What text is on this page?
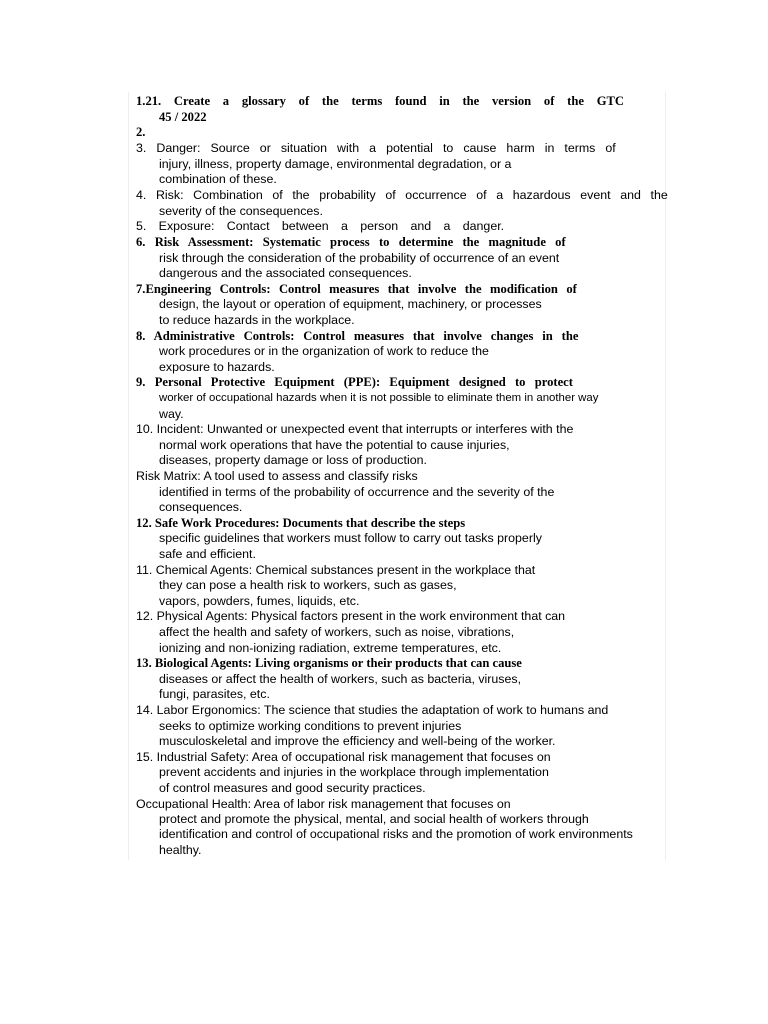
1.21. Create a glossary of the terms found in the version of the GTC
45 / 2022
2.
3. Danger: Source or situation with a potential to cause harm in terms of
injury, illness, property damage, environmental degradation, or a
combination of these.
4. Risk: Combination of the probability of occurrence of a hazardous event and the
severity of the consequences.
5. Exposure: Contact between a person and a danger.
6. Risk Assessment: Systematic process to determine the magnitude of
risk through the consideration of the probability of occurrence of an event
dangerous and the associated consequences.
7.Engineering Controls: Control measures that involve the modification of
design, the layout or operation of equipment, machinery, or processes
to reduce hazards in the workplace.
8. Administrative Controls: Control measures that involve changes in the
work procedures or in the organization of work to reduce the
exposure to hazards.
9. Personal Protective Equipment (PPE): Equipment designed to protect
worker of occupational hazards when it is not possible to eliminate them in another way
way.
10. Incident: Unwanted or unexpected event that interrupts or interferes with the
normal work operations that have the potential to cause injuries,
diseases, property damage or loss of production.
Risk Matrix: A tool used to assess and classify risks
identified in terms of the probability of occurrence and the severity of the
consequences.
12. Safe Work Procedures: Documents that describe the steps
specific guidelines that workers must follow to carry out tasks properly
safe and efficient.
11. Chemical Agents: Chemical substances present in the workplace that
they can pose a health risk to workers, such as gases,
vapors, powders, fumes, liquids, etc.
12. Physical Agents: Physical factors present in the work environment that can
affect the health and safety of workers, such as noise, vibrations,
ionizing and non-ionizing radiation, extreme temperatures, etc.
13. Biological Agents: Living organisms or their products that can cause
diseases or affect the health of workers, such as bacteria, viruses,
fungi, parasites, etc.
14. Labor Ergonomics: The science that studies the adaptation of work to humans and
seeks to optimize working conditions to prevent injuries
musculoskeletal and improve the efficiency and well-being of the worker.
15. Industrial Safety: Area of occupational risk management that focuses on
prevent accidents and injuries in the workplace through implementation
of control measures and good security practices.
Occupational Health: Area of labor risk management that focuses on
protect and promote the physical, mental, and social health of workers through
identification and control of occupational risks and the promotion of work environments
healthy.
